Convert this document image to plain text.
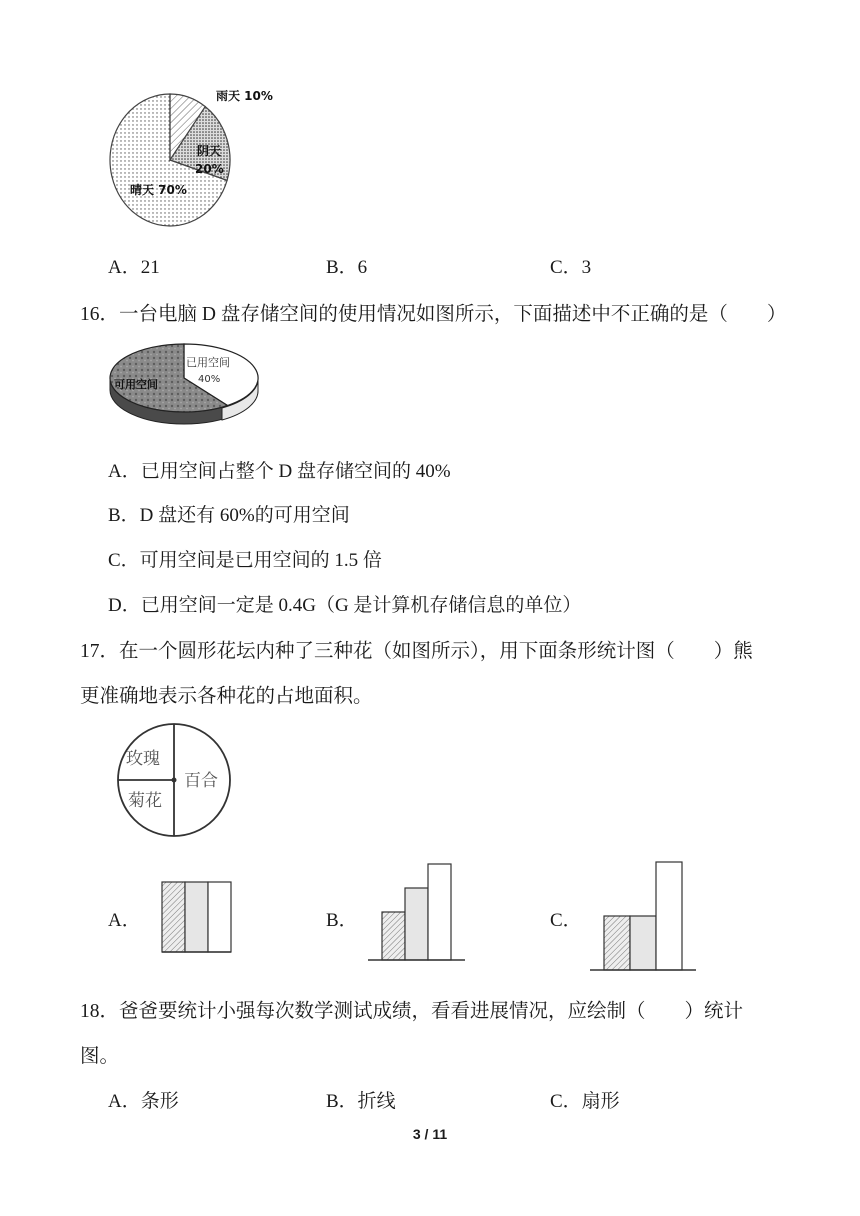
雨天 10%
阴天
20%
晴天 70%
A．21	B．6	C．3
16．一台电脑 D 盘存储空间的使用情况如图所示，下面描述中不正确的是（　　）
已用空间
40%
可用空间
A．已用空间占整个 D 盘存储空间的 40%
B．D 盘还有 60%的可用空间
C．可用空间是已用空间的 1.5 倍
D．已用空间一定是 0.4G（G 是计算机存储信息的单位）
17．在一个圆形花坛内种了三种花（如图所示），用下面条形统计图（　　）熊
更准确地表示各种花的占地面积。
玫瑰
百合
菊花
A．	B．	C．
18．爸爸要统计小强每次数学测试成绩，看看进展情况，应绘制（　　）统计
图。
A．条形	B．折线	C．扇形
3 / 11
